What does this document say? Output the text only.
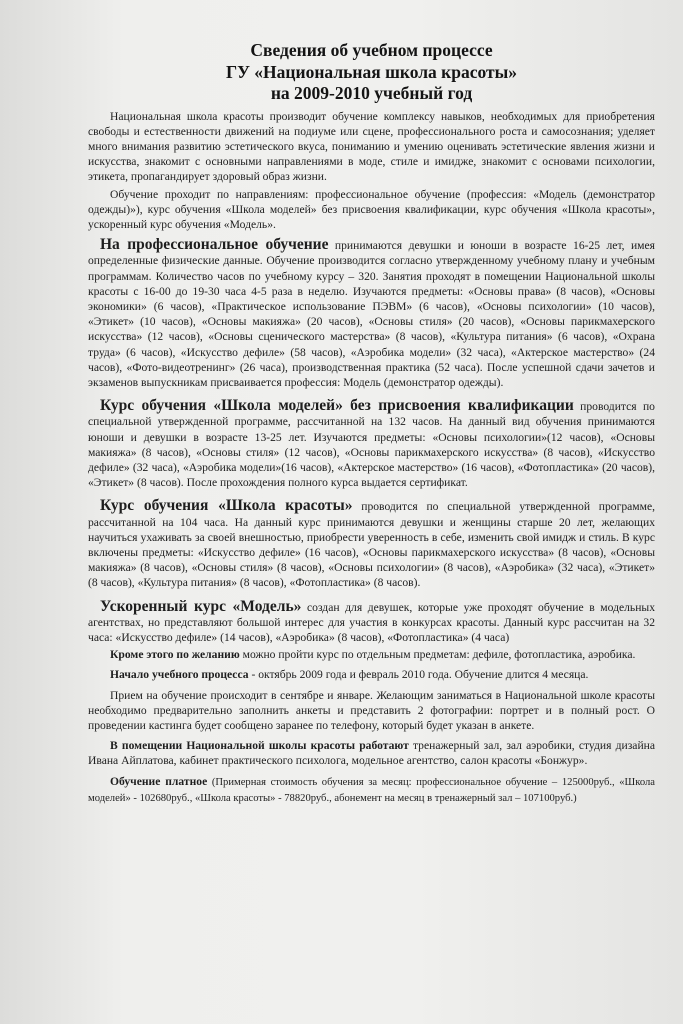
Сведения об учебном процессе
ГУ «Национальная школа красоты»
на 2009-2010 учебный год

Национальная школа красоты производит обучение комплексу навыков, необходимых для приобретения свободы и естественности движений на подиуме или сцене, профессионального роста и самосознания; уделяет много внимания развитию эстетического вкуса, пониманию и умению оценивать эстетические явления жизни и искусства, знакомит с основными направлениями в моде, стиле и имидже, знакомит с основами психологии, этикета, пропагандирует здоровый образ жизни.

Обучение проходит по направлениям: профессиональное обучение (профессия: «Модель (демонстратор одежды)»), курс обучения «Школа моделей» без присвоения квалификации, курс обучения «Школа красоты», ускоренный курс обучения «Модель».

На профессиональное обучение принимаются девушки и юноши в возрасте 16-25 лет, имея определенные физические данные. Обучение производится согласно утвержденному учебному плану и учебным программам. Количество часов по учебному курсу – 320. Занятия проходят в помещении Национальной школы красоты с 16-00 до 19-30 часа 4-5 раза в неделю. Изучаются предметы: «Основы права» (8 часов), «Основы экономики» (6 часов), «Практическое использование ПЭВМ» (6 часов), «Основы психологии» (10 часов), «Этикет» (10 часов), «Основы макияжа» (20 часов), «Основы стиля» (20 часов), «Основы парикмахерского искусства» (12 часов), «Основы сценического мастерства» (8 часов), «Культура питания» (6 часов), «Охрана труда» (6 часов), «Искусство дефиле» (58 часов), «Аэробика модели» (32 часа), «Актерское мастерство» (24 часов), «Фото-видеотренинг» (26 часа), производственная практика (52 часа). После успешной сдачи зачетов и экзаменов выпускникам присваивается профессия: Модель (демонстратор одежды).

Курс обучения «Школа моделей» без присвоения квалификации проводится по специальной утвержденной программе, рассчитанной на 132 часов. На данный вид обучения принимаются юноши и девушки в возрасте 13-25 лет. Изучаются предметы: «Основы психологии»(12 часов), «Основы макияжа» (8 часов), «Основы стиля» (12 часов), «Основы парикмахерского искусства» (8 часов), «Искусство дефиле» (32 часа), «Аэробика модели»(16 часов), «Актерское мастерство» (16 часов), «Фотопластика» (20 часов), «Этикет» (8 часов). После прохождения полного курса выдается сертификат.

Курс обучения «Школа красоты» проводится по специальной утвержденной программе, рассчитанной на 104 часа. На данный курс принимаются девушки и женщины старше 20 лет, желающих научиться ухаживать за своей внешностью, приобрести уверенность в себе, изменить свой имидж и стиль. В курс включены предметы: «Искусство дефиле» (16 часов), «Основы парикмахерского искусства» (8 часов), «Основы макияжа» (8 часов), «Основы стиля» (8 часов), «Основы психологии» (8 часов), «Аэробика» (32 часа), «Этикет» (8 часов), «Культура питания» (8 часов), «Фотопластика» (8 часов).

Ускоренный курс «Модель» создан для девушек, которые уже проходят обучение в модельных агентствах, но представляют большой интерес для участия в конкурсах красоты. Данный курс рассчитан на 32 часа: «Искусство дефиле» (14 часов), «Аэробика» (8 часов), «Фотопластика» (4 часа)

Кроме этого по желанию можно пройти курс по отдельным предметам: дефиле, фотопластика, аэробика.

Начало учебного процесса - октябрь 2009 года и февраль 2010 года. Обучение длится 4 месяца.

Прием на обучение происходит в сентябре и январе. Желающим заниматься в Национальной школе красоты необходимо предварительно заполнить анкеты и представить 2 фотографии: портрет и в полный рост. О проведении кастинга будет сообщено заранее по телефону, который будет указан в анкете.

В помещении Национальной школы красоты работают тренажерный зал, зал аэробики, студия дизайна Ивана Айплатова, кабинет практического психолога, модельное агентство, салон красоты «Бонжур».

Обучение платное (Примерная стоимость обучения за месяц: профессиональное обучение – 125000руб., «Школа моделей» - 102680руб., «Школа красоты» - 78820руб., абонемент на месяц в тренажерный зал – 107100руб.)
